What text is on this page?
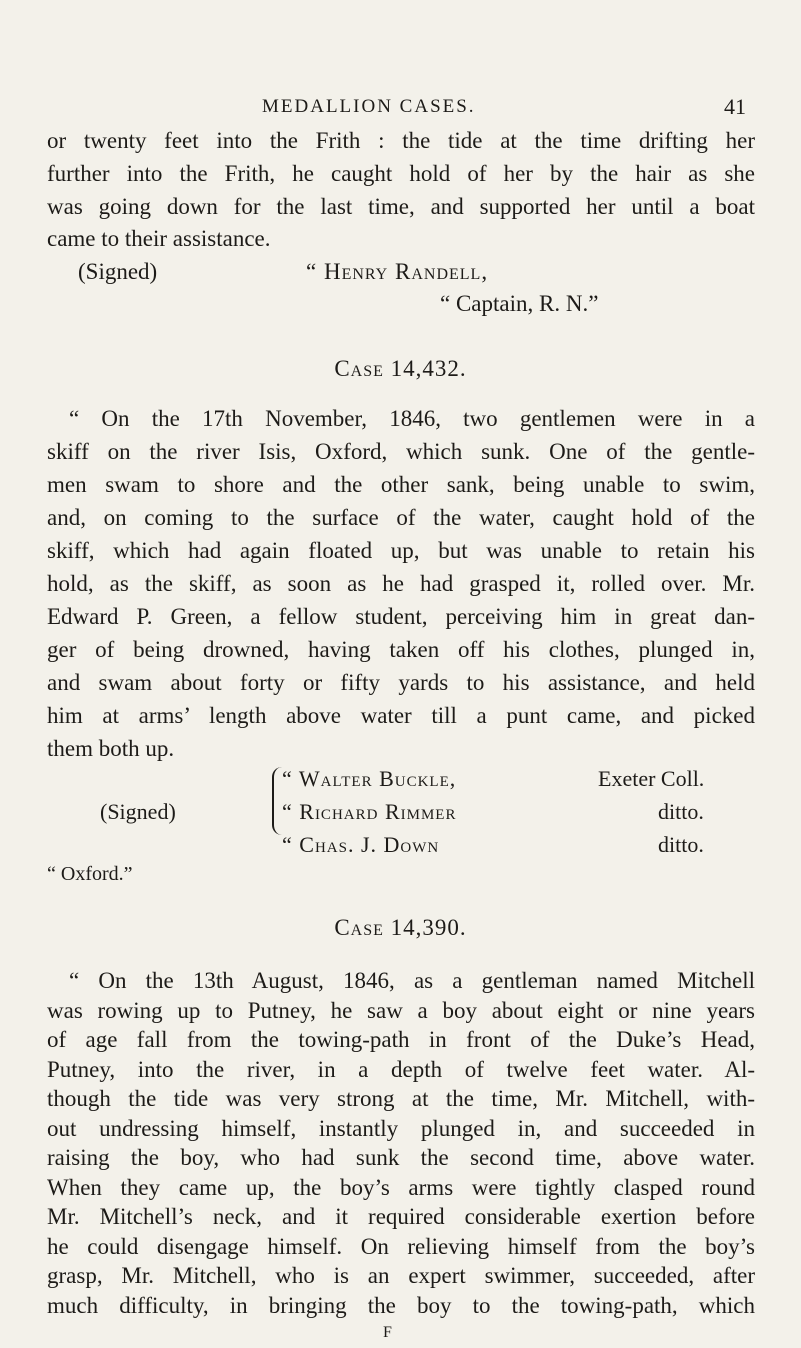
MEDALLION CASES.	41
or twenty feet into the Frith : the tide at the time drifting her
further into the Frith, he caught hold of her by the hair as she
was going down for the last time, and supported her until a boat
came to their assistance.
(Signed)	“ Henry Randell,
“ Captain, R. N.”
Case 14,432.
“ On the 17th November, 1846, two gentlemen were in a
skiff on the river Isis, Oxford, which sunk. One of the gentle-
men swam to shore and the other sank, being unable to swim,
and, on coming to the surface of the water, caught hold of the
skiff, which had again floated up, but was unable to retain his
hold, as the skiff, as soon as he had grasped it, rolled over. Mr.
Edward P. Green, a fellow student, perceiving him in great dan-
ger of being drowned, having taken off his clothes, plunged in,
and swam about forty or fifty yards to his assistance, and held
him at arms’ length above water till a punt came, and picked
them both up.
(Signed)
“ Walter Buckle,	Exeter Coll.
“ Richard Rimmer	ditto.
“ Chas. J. Down	ditto.
“ Oxford.”
Case 14,390.
“ On the 13th August, 1846, as a gentleman named Mitchell
was rowing up to Putney, he saw a boy about eight or nine years
of age fall from the towing-path in front of the Duke’s Head,
Putney, into the river, in a depth of twelve feet water. Al-
though the tide was very strong at the time, Mr. Mitchell, with-
out undressing himself, instantly plunged in, and succeeded in
raising the boy, who had sunk the second time, above water.
When they came up, the boy’s arms were tightly clasped round
Mr. Mitchell’s neck, and it required considerable exertion before
he could disengage himself. On relieving himself from the boy’s
grasp, Mr. Mitchell, who is an expert swimmer, succeeded, after
much difficulty, in bringing the boy to the towing-path, which
F
